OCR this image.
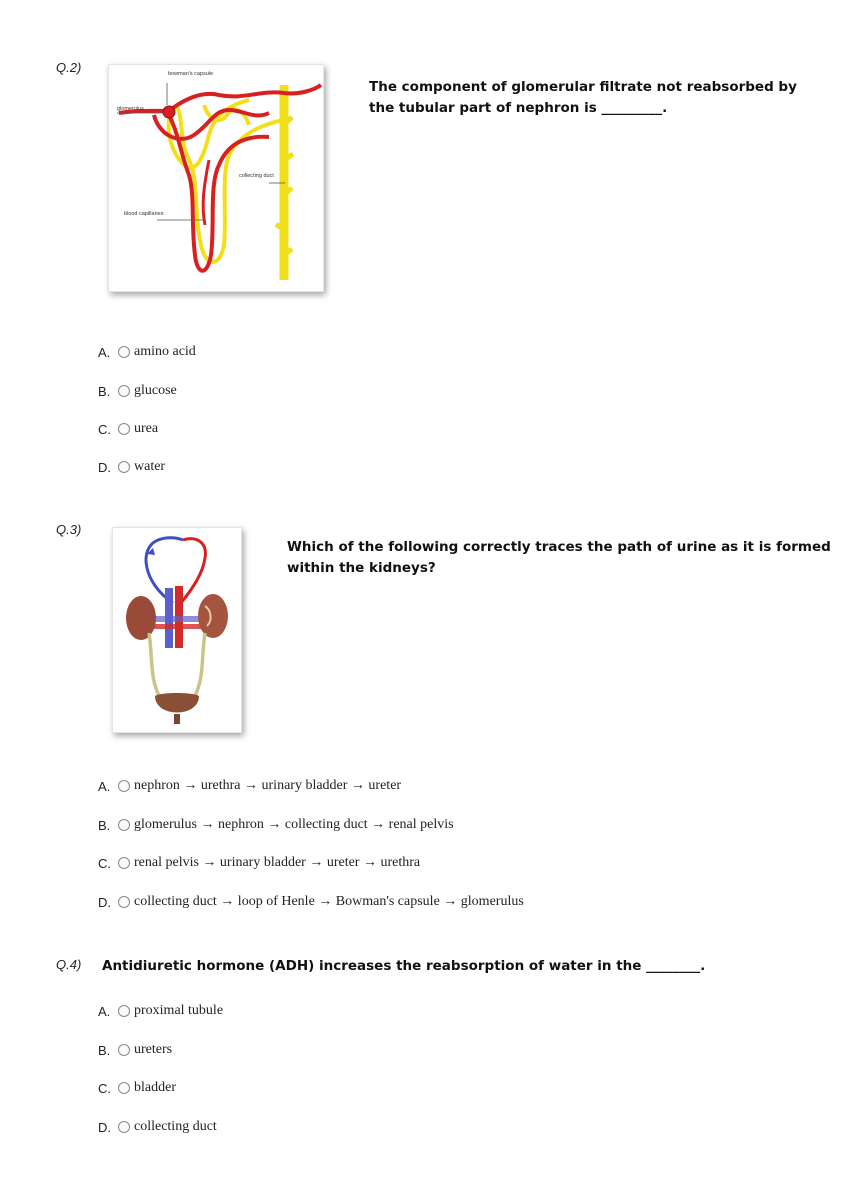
Q.2)	bowman's capsule
glomerulus
collecting duct
blood capillaries
The component of glomerular filtrate not reabsorbed by
the tubular part of nephron is _________.
A.	amino acid
B.	glucose
C.	urea
D.	water
Q.3)
Which of the following correctly traces the path of urine as it is formed
within the kidneys?
A.	nephron → urethra → urinary bladder → ureter
B.	glomerulus → nephron → collecting duct → renal pelvis
C.	renal pelvis → urinary bladder → ureter → urethra
D.	collecting duct → loop of Henle → Bowman's capsule → glomerulus
Q.4) Antidiuretic hormone (ADH) increases the reabsorption of water in the ________.
A.	proximal tubule
B.	ureters
C.	bladder
D.	collecting duct
